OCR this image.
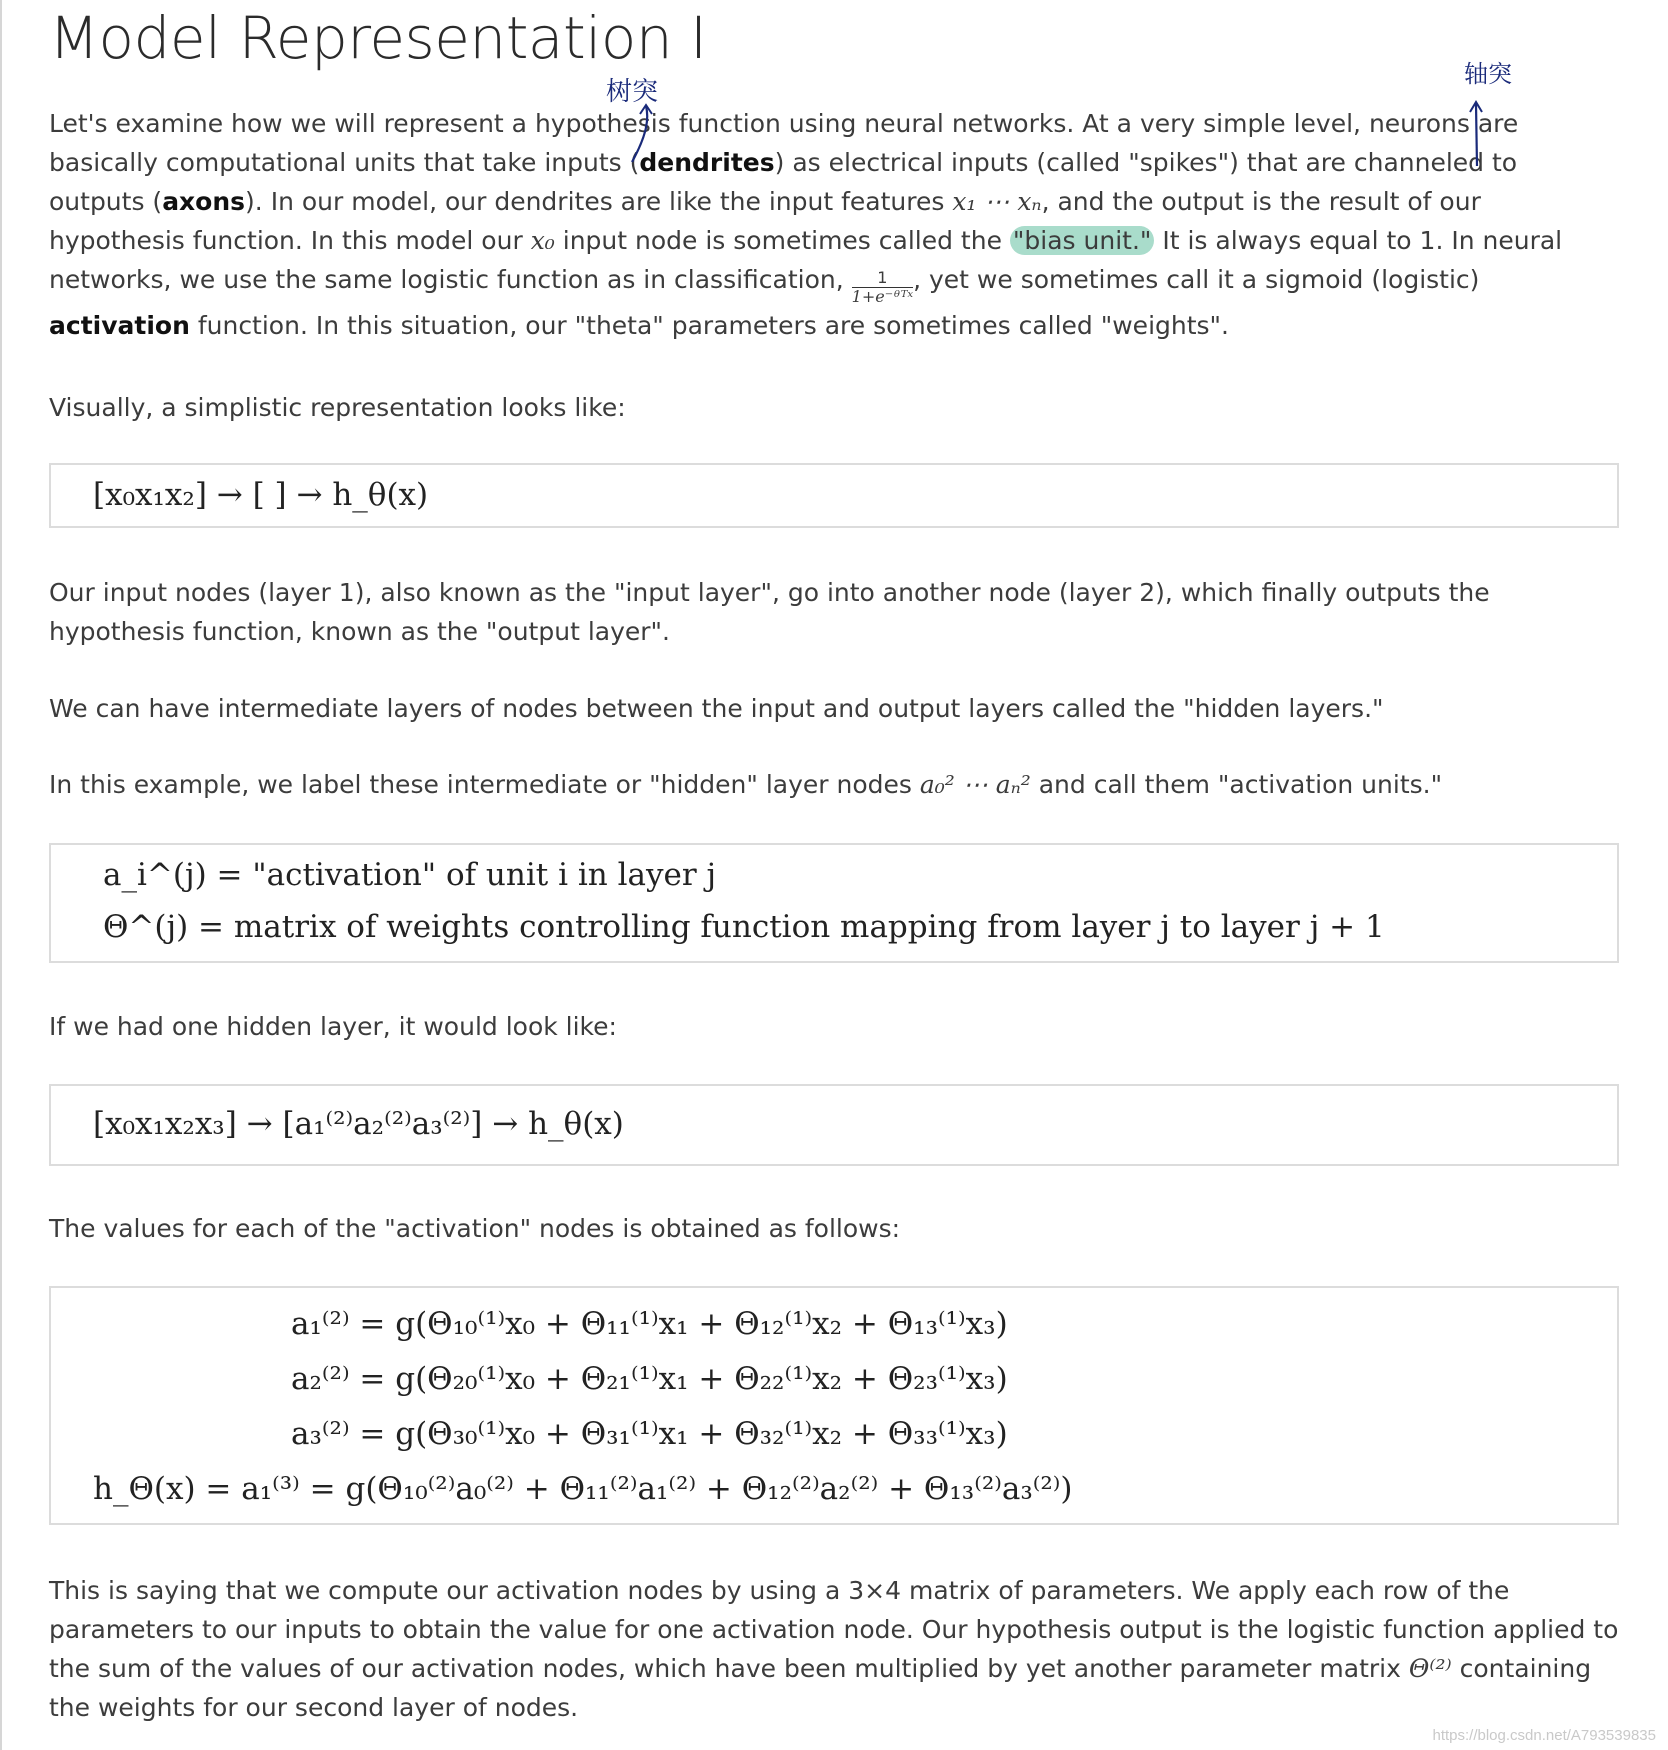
Model Representation I

Let's examine how we will represent a hypothesis function using neural networks. At a very simple level, neurons are basically computational units that take inputs (dendrites) as electrical inputs (called "spikes") that are channeled to outputs (axons). In our model, our dendrites are like the input features x₁ ⋯ xₙ, and the output is the result of our hypothesis function. In this model our x₀ input node is sometimes called the "bias unit." It is always equal to 1. In neural networks, we use the same logistic function as in classification, $\frac{1}{\text{1+e⁻ᶿᵀˣ}}$ , yet we sometimes call it a sigmoid (logistic) activation function. In this situation, our "theta" parameters are sometimes called "weights".

Visually, a simplistic representation looks like:

[x₀x₁x₂] → [ ] → h_θ(x)

Our input nodes (layer 1), also known as the "input layer", go into another node (layer 2), which finally outputs the hypothesis function, known as the "output layer".

We can have intermediate layers of nodes between the input and output layers called the "hidden layers."

In this example, we label these intermediate or "hidden" layer nodes a₀² ⋯ aₙ² and call them "activation units."

a_i^(j) = "activation" of unit i in layer j
Θ^(j) = matrix of weights controlling function mapping from layer j to layer j + 1

If we had one hidden layer, it would look like:

[x₀x₁x₂x₃] → [a₁⁽²⁾a₂⁽²⁾a₃⁽²⁾] → h_θ(x)

The values for each of the "activation" nodes is obtained as follows:

a₁⁽²⁾ = g(Θ₁₀⁽¹⁾x₀ + Θ₁₁⁽¹⁾x₁ + Θ₁₂⁽¹⁾x₂ + Θ₁₃⁽¹⁾x₃)
a₂⁽²⁾ = g(Θ₂₀⁽¹⁾x₀ + Θ₂₁⁽¹⁾x₁ + Θ₂₂⁽¹⁾x₂ + Θ₂₃⁽¹⁾x₃)
a₃⁽²⁾ = g(Θ₃₀⁽¹⁾x₀ + Θ₃₁⁽¹⁾x₁ + Θ₃₂⁽¹⁾x₂ + Θ₃₃⁽¹⁾x₃)
h_Θ(x) = a₁⁽³⁾ = g(Θ₁₀⁽²⁾a₀⁽²⁾ + Θ₁₁⁽²⁾a₁⁽²⁾ + Θ₁₂⁽²⁾a₂⁽²⁾ + Θ₁₃⁽²⁾a₃⁽²⁾)

This is saying that we compute our activation nodes by using a 3×4 matrix of parameters. We apply each row of the parameters to our inputs to obtain the value for one activation node. Our hypothesis output is the logistic function applied to the sum of the values of our activation nodes, which have been multiplied by yet another parameter matrix Θ⁽²⁾ containing the weights for our second layer of nodes.

树突
轴突
https://blog.csdn.net/A793539835
